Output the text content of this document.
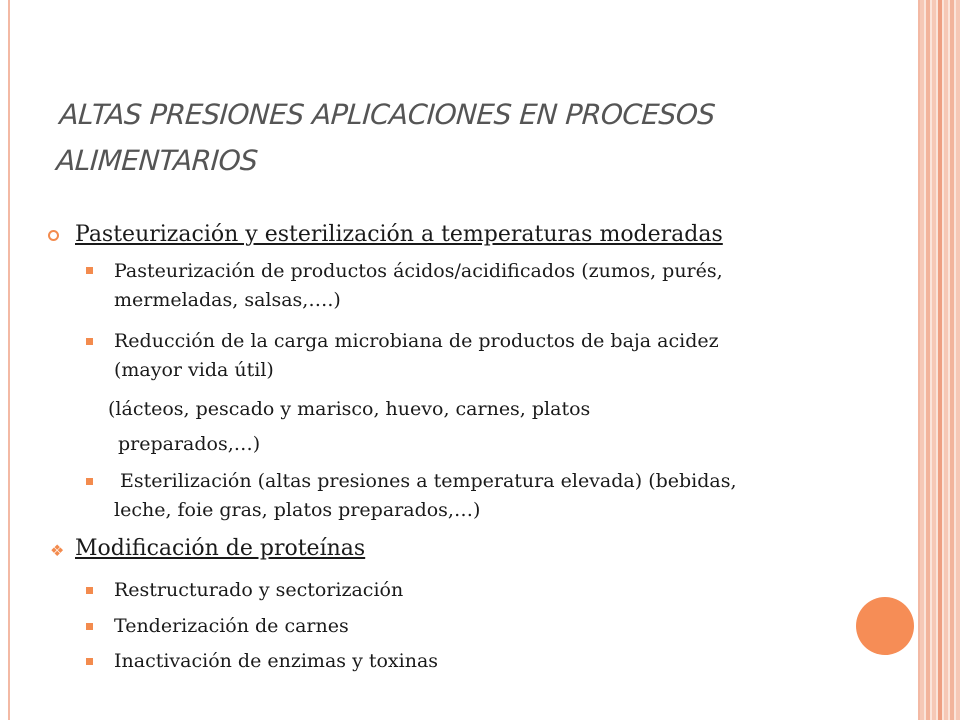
ALTAS PRESIONES APLICACIONES EN PROCESOS ALIMENTARIOS
Pasteurización y esterilización a temperaturas moderadas
Pasteurización de productos ácidos/acidificados (zumos, purés,
mermeladas, salsas,….)
Reducción de la carga microbiana de productos de baja acidez
(mayor vida útil)
(lácteos, pescado y marisco, huevo, carnes, platos
preparados,…)
Esterilización (altas presiones a temperatura elevada) (bebidas,
leche, foie gras, platos preparados,…)
❖ Modificación de proteínas
Restructurado y sectorización
Tenderización de carnes
Inactivación de enzimas y toxinas
